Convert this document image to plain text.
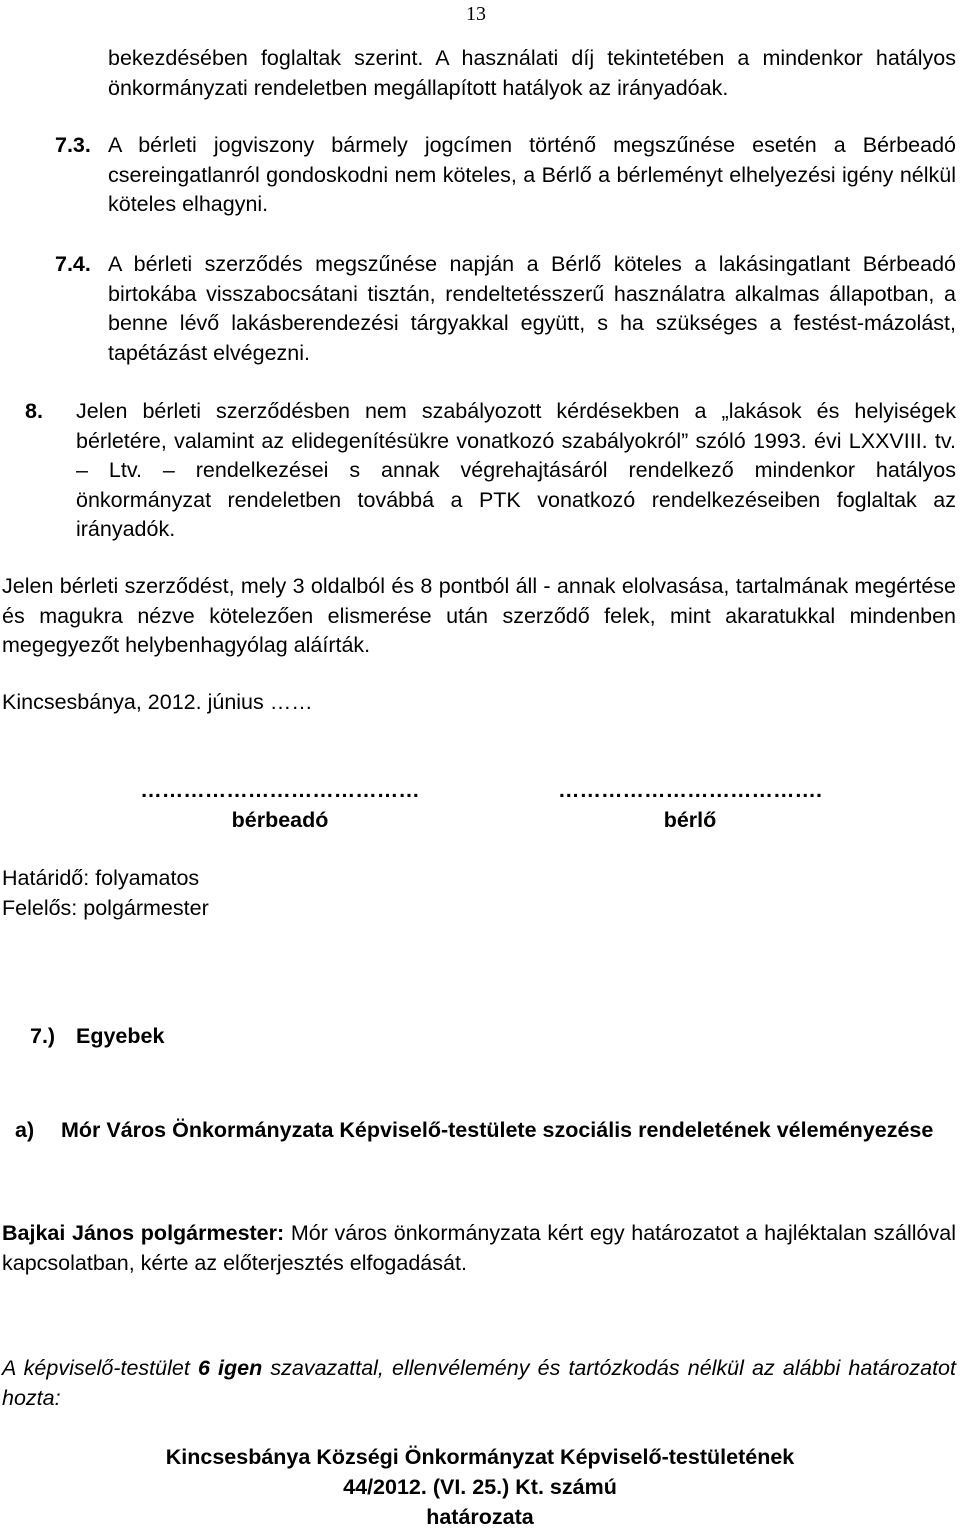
13
bekezdésében foglaltak szerint. A használati díj tekintetében a mindenkor hatályos önkormányzati rendeletben megállapított hatályok az irányadóak.
7.3. A bérleti jogviszony bármely jogcímen történő megszűnése esetén a Bérbeadó csereingatlanról gondoskodni nem köteles, a Bérlő a bérleményt elhelyezési igény nélkül köteles elhagyni.
7.4. A bérleti szerződés megszűnése napján a Bérlő köteles a lakásingatlant Bérbeadó birtokába visszabocsátani tisztán, rendeltetésszerű használatra alkalmas állapotban, a benne lévő lakásberendezési tárgyakkal együtt, s ha szükséges a festést-mázolást, tapétázást elvégezni.
8. Jelen bérleti szerződésben nem szabályozott kérdésekben a „lakások és helyiségek bérletére, valamint az elidegenítésükre vonatkozó szabályokról” szóló 1993. évi LXXVIII. tv. – Ltv. – rendelkezései s annak végrehajtásáról rendelkező mindenkor hatályos önkormányzat rendeletben továbbá a PTK vonatkozó rendelkezéseiben foglaltak az irányadók.
Jelen bérleti szerződést, mely 3 oldalból és 8 pontból áll - annak elolvasása, tartalmának megértése és magukra nézve kötelezően elismerése után szerződő felek, mint akaratukkal mindenben megegyezőt helybenhagyólag aláírták.
Kincsesbánya, 2012. június ……
…………………………………
bérbeadó
……………………………….
bérlő
Határidő: folyamatos
Felelős: polgármester
7.) Egyebek
a) Mór Város Önkormányzata Képviselő-testülete szociális rendeletének véleményezése
Bajkai János polgármester: Mór város önkormányzata kért egy határozatot a hajléktalan szállóval kapcsolatban, kérte az előterjesztés elfogadását.
A képviselő-testület 6 igen szavazattal, ellenvélemény és tartózkodás nélkül az alábbi határozatot hozta:
Kincsesbánya Községi Önkormányzat Képviselő-testületének
44/2012. (VI. 25.) Kt. számú
határozata
